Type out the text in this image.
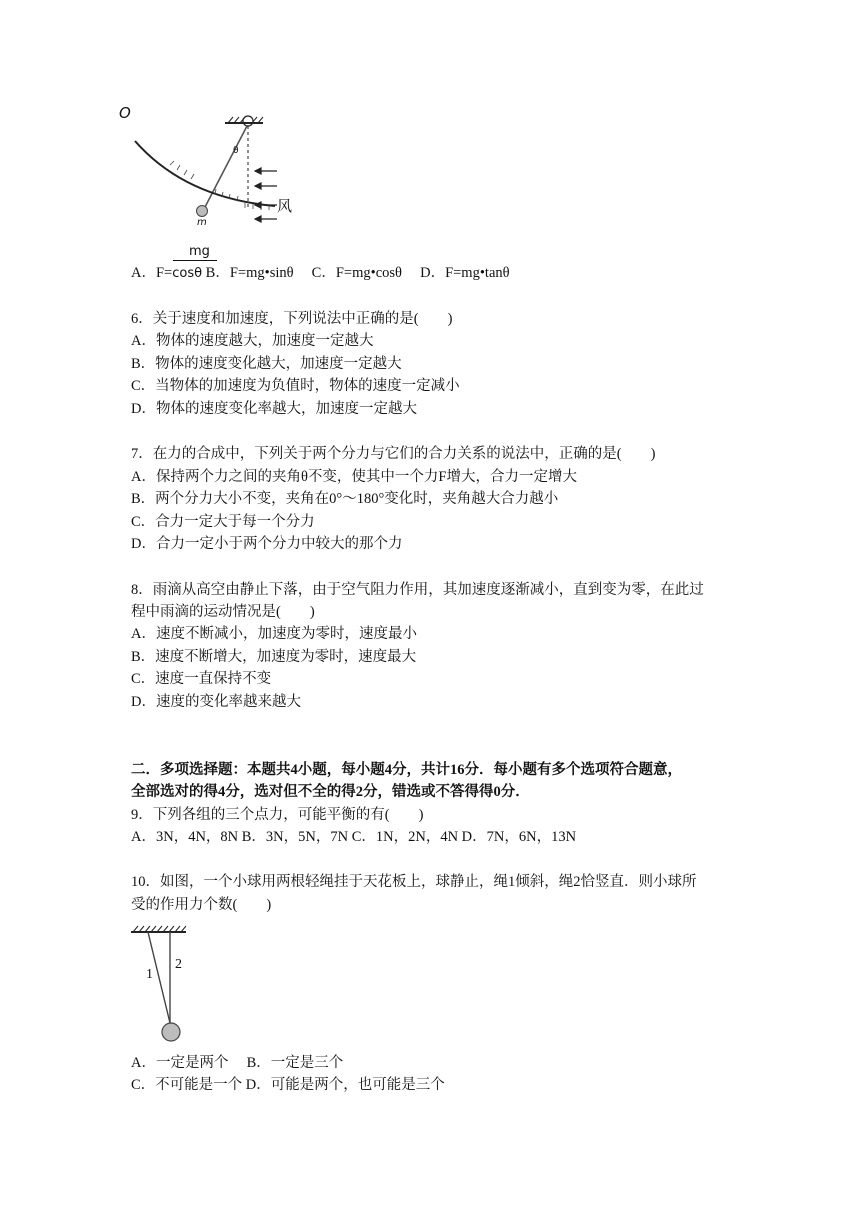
O
θ
m
风
mg
A．F=cosθ B．F=mg•sinθ　 C．F=mg•cosθ　 D．F=mg•tanθ
6．关于速度和加速度，下列说法中正确的是(　　)
A．物体的速度越大，加速度一定越大
B．物体的速度变化越大，加速度一定越大
C．当物体的加速度为负值时，物体的速度一定减小
D．物体的速度变化率越大，加速度一定越大
7．在力的合成中，下列关于两个分力与它们的合力关系的说法中，正确的是(　　)
A．保持两个力之间的夹角θ不变，使其中一个力F增大，合力一定增大
B．两个分力大小不变，夹角在0°～180°变化时，夹角越大合力越小
C．合力一定大于每一个分力
D．合力一定小于两个分力中较大的那个力
8．雨滴从高空由静止下落，由于空气阻力作用，其加速度逐渐减小，直到变为零，在此过
程中雨滴的运动情况是(　　)
A．速度不断减小，加速度为零时，速度最小
B．速度不断增大，加速度为零时，速度最大
C．速度一直保持不变
D．速度的变化率越来越大
二．多项选择题：本题共4小题，每小题4分，共计16分．每小题有多个选项符合题意，
全部选对的得4分，选对但不全的得2分，错选或不答得得0分．
9．下列各组的三个点力，可能平衡的有(　　)
A．3N，4N，8N B．3N，5N，7N C．1N，2N，4N D．7N，6N，13N
10．如图，一个小球用两根轻绳挂于天花板上，球静止，绳1倾斜，绳2恰竖直．则小球所
受的作用力个数(　　)
1
2
A．一定是两个　 B．一定是三个
C．不可能是一个 D．可能是两个，也可能是三个
